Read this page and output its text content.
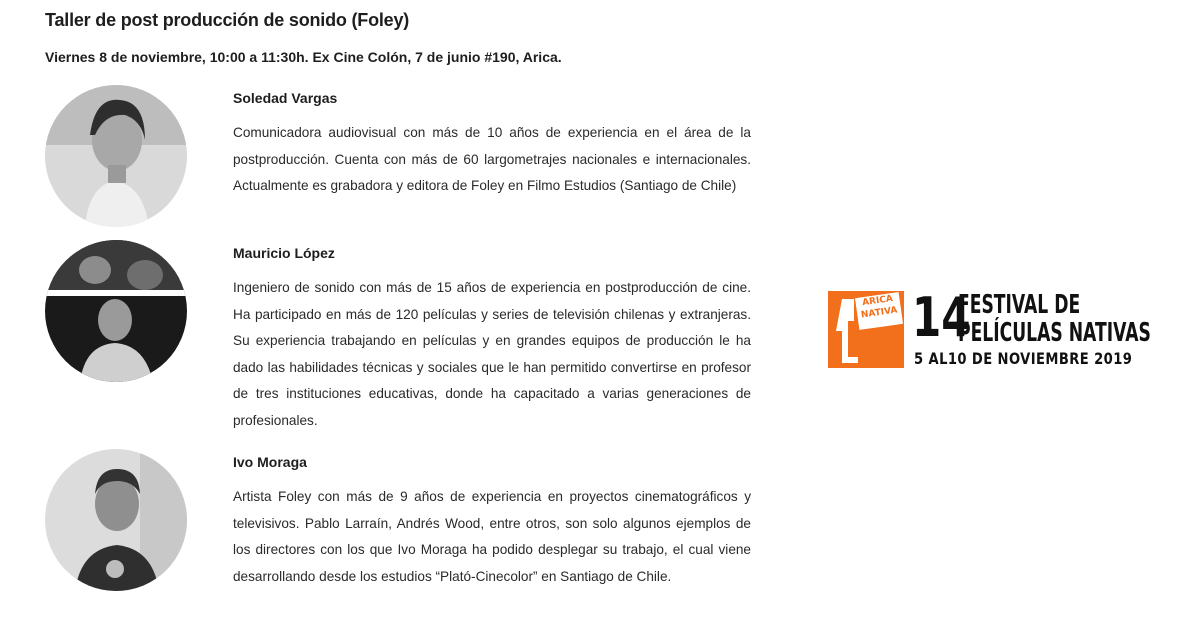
Taller de post producción de sonido (Foley)
Viernes 8 de noviembre, 10:00 a 11:30h. Ex Cine Colón, 7 de junio #190, Arica.
Soledad Vargas
Comunicadora audiovisual con más de 10 años de experiencia en el área de la postproducción. Cuenta con más de 60 largometrajes nacionales e internacionales. Actualmente es grabadora y editora de Foley en Filmo Estudios (Santiago de Chile)
Mauricio López
Ingeniero de sonido con más de 15 años de experiencia en postproducción de cine. Ha participado en más de 120 películas y series de televisión chilenas y extranjeras. Su experiencia trabajando en películas y en grandes equipos de producción le ha dado las habilidades técnicas y sociales que le han permitido convertirse en profesor de tres instituciones educativas, donde ha capacitado a varias generaciones de profesionales.
Ivo Moraga
Artista Foley con más de 9 años de experiencia en proyectos cinematográficos y televisivos. Pablo Larraín, Andrés Wood, entre otros, son solo algunos ejemplos de los directores con los que Ivo Moraga ha podido desplegar su trabajo, el cual viene desarrollando desde los estudios “Plató-Cinecolor” en Santiago de Chile.
ARICA
NATIVA 14
FESTIVAL DE
PELÍCULAS NATIVAS
5 AL10 DE NOVIEMBRE 2019
